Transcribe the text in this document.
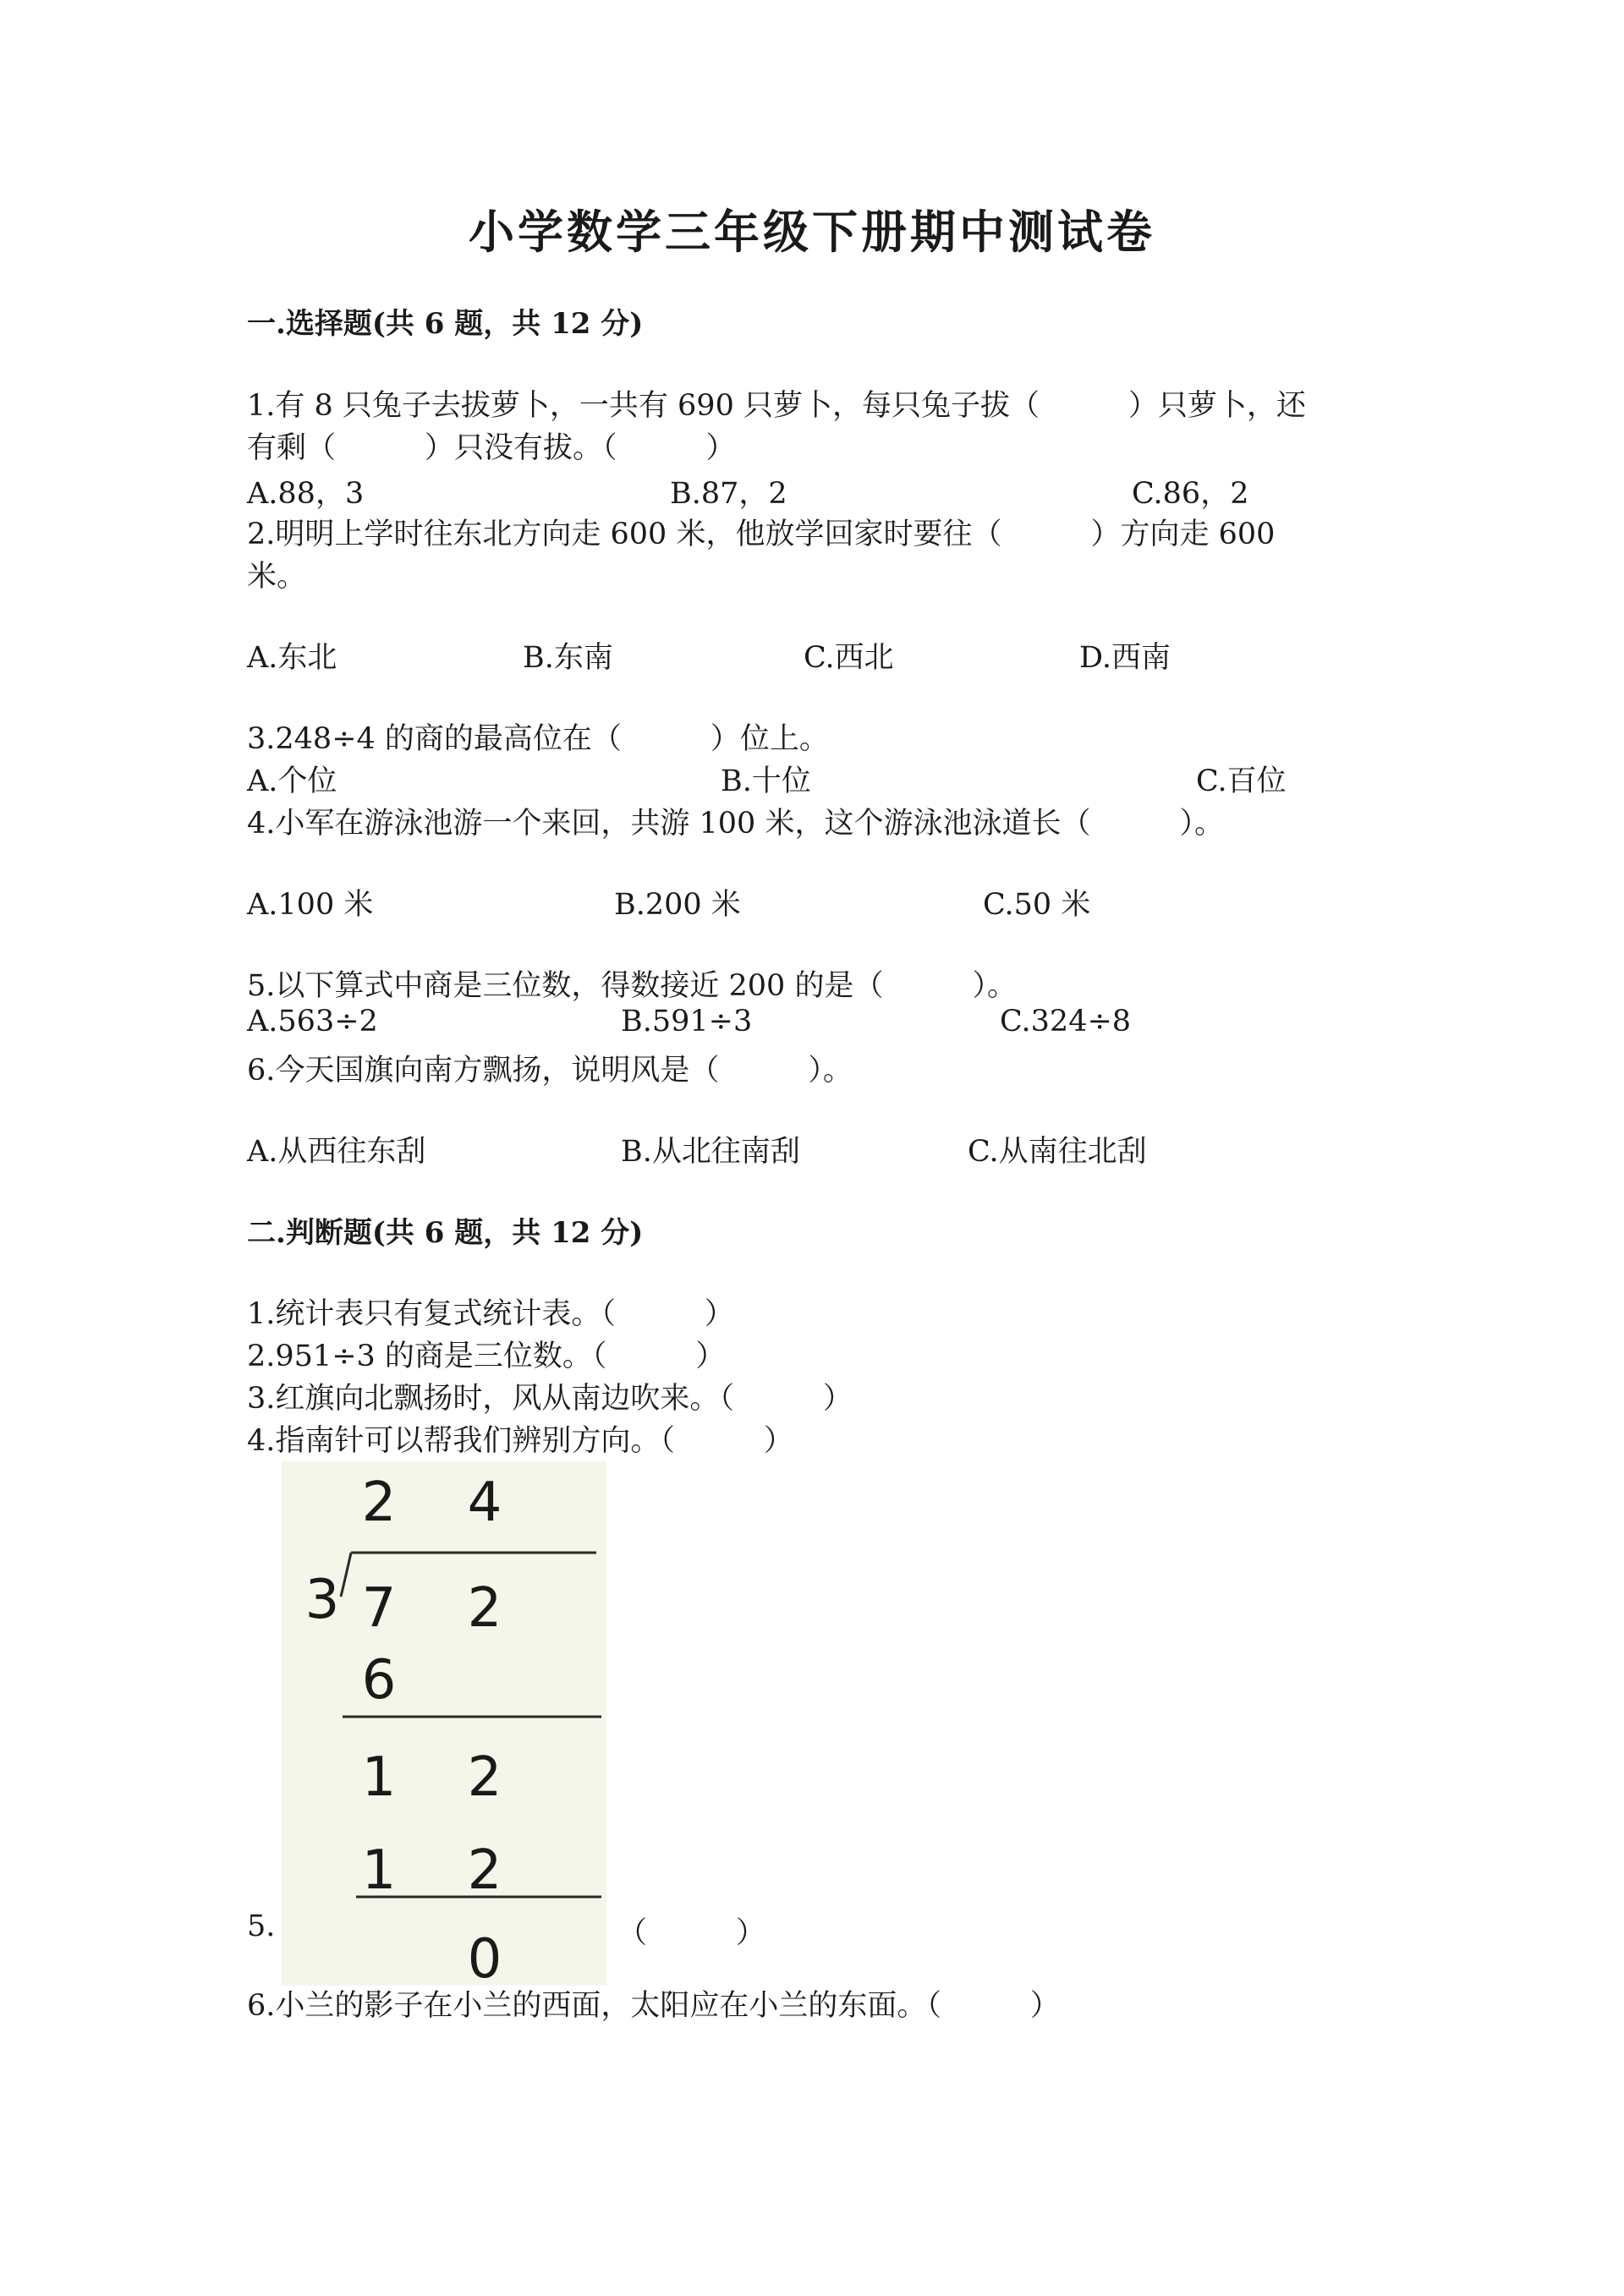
小学数学三年级下册期中测试卷
一.选择题(共 6 题，共 12 分)
1.有 8 只兔子去拔萝卜，一共有 690 只萝卜，每只兔子拔（　　　）只萝卜，还
有剩（　　　）只没有拔。（　　　）
A.88，3	B.87，2	C.86，2
2.明明上学时往东北方向走 600 米，他放学回家时要往（　　　）方向走 600
米。
A.东北	B.东南	C.西北	D.西南
3.248÷4 的商的最高位在（　　　）位上。
A.个位	B.十位	C.百位
4.小军在游泳池游一个来回，共游 100 米，这个游泳池泳道长（　　　）。
A.100 米	B.200 米	C.50 米
5.以下算式中商是三位数，得数接近 200 的是（　　　）。
A.563÷2	B.591÷3	C.324÷8
6.今天国旗向南方飘扬，说明风是（　　　）。
A.从西往东刮	B.从北往南刮	C.从南往北刮
二.判断题(共 6 题，共 12 分)
1.统计表只有复式统计表。（　　　）
2.951÷3 的商是三位数。（　　　）
3.红旗向北飘扬时，风从南边吹来。（　　　）
4.指南针可以帮我们辨别方向。（　　　）
2 4
3 7 2
6
1 2
1 2
0
5.	（　　　）
6.小兰的影子在小兰的西面，太阳应在小兰的东面。（　　　）
